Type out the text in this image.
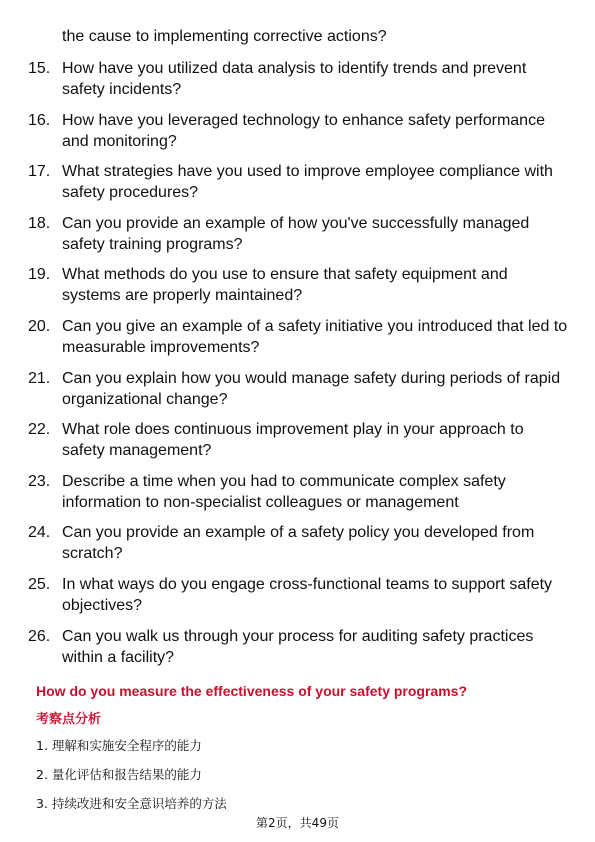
the cause to implementing corrective actions?
15. How have you utilized data analysis to identify trends and prevent safety incidents?
16. How have you leveraged technology to enhance safety performance and monitoring?
17. What strategies have you used to improve employee compliance with safety procedures?
18. Can you provide an example of how you've successfully managed safety training programs?
19. What methods do you use to ensure that safety equipment and systems are properly maintained?
20. Can you give an example of a safety initiative you introduced that led to measurable improvements?
21. Can you explain how you would manage safety during periods of rapid organizational change?
22. What role does continuous improvement play in your approach to safety management?
23. Describe a time when you had to communicate complex safety information to non-specialist colleagues or management
24. Can you provide an example of a safety policy you developed from scratch?
25. In what ways do you engage cross-functional teams to support safety objectives?
26. Can you walk us through your process for auditing safety practices within a facility?
How do you measure the effectiveness of your safety programs?
考察点分析
1. 理解和实施安全程序的能力
2. 量化评估和报告结果的能力
3. 持续改进和安全意识培养的方法
第2页，共49页
